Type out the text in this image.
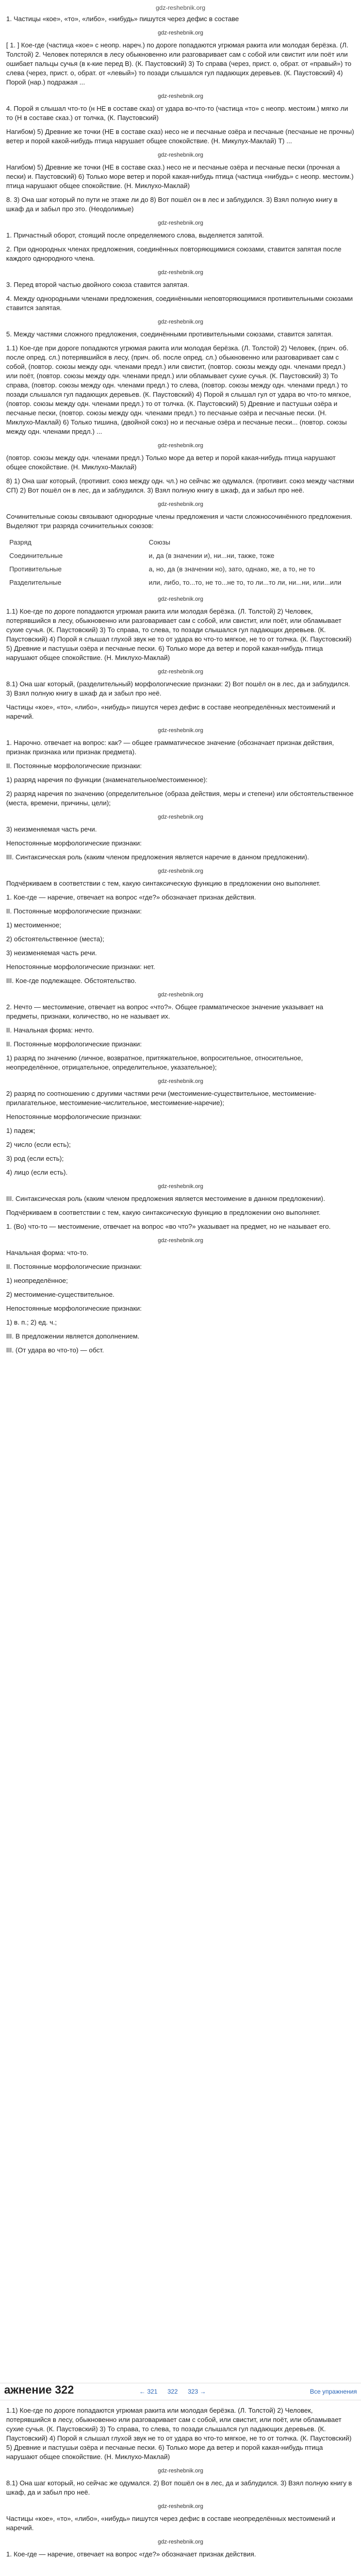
gdz-reshebnik.org

1. Частицы «кое», «то», «либо», «нибудь» пишутся через дефис в составе

gdz-reshebnik.org

[ 1. ] Кое-где (частица «кое» с неопр. нареч.) по дороге попадаются угрюмая ракита или молодая берёзка. (Л. Толстой) 2. Человек потерялся в лесу обыкновенно или разговаривает сам с собой или свистит или поёт или ошибает пальцы сучья (в к-кие перед В). (К. Паустовский) 3) То справа (через, прист. о, обрат. от «правый») то слева (через, прист. о, обрат. от «левый») то позади слышался гул падающих деревьев. (К. Паустовский) 4) Порой (нар.) подражая ...

gdz-reshebnik.org

4. Порой я слышал что-то (н НЕ в составе сказ) от удара во-что-то (частица «то» с неопр. местоим.) мягко ли то (Н в составе сказ.) от толчка, (К. Паустовский)

Нагибом) 5) Древние же точки (НЕ в составе сказ) несо не и песчаные озёра и песчаные (песчаные не прочны) ветер и порой какой-нибудь птица нарушает общее спокойствие. (Н. Микулух-Маклай) Т) ...

gdz-reshebnik.org

Нагибом) 5) Древние же точки (НЕ в составе сказ.) несо не и песчаные озёра и песчаные пески (прочная а пески) и. Паустовский) 6) Только море ветер и порой какая-нибудь птица (частица «нибудь» с неопр. местоим.) птица нарушают общее спокойствие. (Н. Миклухо-Маклай)

8. 3) Она шаг который по пути не этаже ли до 8) Вот пошёл он в лес и заблудился. 3) Взял полную книгу в шкаф да и забыл про это. (Неодолимые)

gdz-reshebnik.org

1. Причастный оборот, стоящий после определяемого слова, выделяется запятой.

2. При однородных членах предложения, соединённых повторяющимися союзами, ставится запятая после каждого однородного члена.

gdz-reshebnik.org

3. Перед второй частью двойного союза ставится запятая.

4. Между однородными членами предложения, соединёнными неповторяющимися противительными союзами ставится запятая.

gdz-reshebnik.org

5. Между частями сложного предложения, соединёнными противительными союзами, ставится запятая.

1.1) Кое-где при дороге попадаются угрюмая ракита или молодая берёзка. (Л. Толстой) 2) Человек, (прич. об. после опред. сл.) потерявшийся в лесу, (прич. об. после опред. сл.) обыкновенно или разговаривает сам с собой, (повтор. союзы между одн. членами предл.) или свистит, (повтор. союзы между одн. членами предл.) или поёт, (повтор. союзы между одн. членами предл.) или обламывает сухие сучья. (К. Паустовский) 3) То справа, (повтор. союзы между одн. членами предл.) то слева, (повтор. союзы между одн. членами предл.) то позади слышался гул падающих деревьев. (К. Паустовский) 4) Порой я слышал гул от удара во что-то мягкое, (повтор. союзы между одн. членами предл.) то от толчка. (К. Паустовский) 5) Древние и пастушьи озёра и песчаные пески, (повтор. союзы между одн. членами предл.) то песчаные озёра и песчаные пески. (Н. Миклухо-Маклай) 6) Только тишина, (двойной союз) но и песчаные озёра и песчаные пески... (повтор. союзы между одн. членами предл.) ...

gdz-reshebnik.org

(повтор. союзы между одн. членами предл.) Только море да ветер и порой какая-нибудь птица нарушают общее спокойствие. (Н. Миклухо-Маклай)

8) 1) Она шаг который, (противит. союз между одн. чл.) но сейчас же одумался. (противит. союз между частями СП) 2) Вот пошёл он в лес, да и заблудился. 3) Взял полную книгу в шкаф, да и забыл про неё.

gdz-reshebnik.org

Сочинительные союзы связывают однородные члены предложения и части сложносочинённого предложения. Выделяют три разряда сочинительных союзов:

Разряд	Союзы
Соединительные	и, да (в значении и), ни...ни, также, тоже
Противительные	а, но, да (в значении но), зато, однако, же, а то, не то
Разделительные	или, либо, то...то, не то...не то, то ли...то ли, ни...ни, или...или
gdz-reshebnik.org

1.1) Кое-где по дороге попадаются угрюмая ракита или молодая берёзка. (Л. Толстой) 2) Человек, потерявшийся в лесу, обыкновенно или разговаривает сам с собой, или свистит, или поёт, или обламывает сухие сучья. (К. Паустовский) 3) То справа, то слева, то позади слышался гул падающих деревьев. (К. Паустовский) 4) Порой я слышал глухой звук не то от удара во что-то мягкое, не то от толчка. (К. Паустовский) 5) Древние и пастушьи озёра и песчаные пески. 6) Только море да ветер и порой какая-нибудь птица нарушают общее спокойствие. (Н. Миклухо-Маклай)

gdz-reshebnik.org

8.1) Она шаг который, (разделительный) морфологические признаки: 2) Вот пошёл он в лес, да и заблудился. 3) Взял полную книгу в шкаф да и забыл про неё.

Частицы «кое», «то», «либо», «нибудь» пишутся через дефис в составе неопределённых местоимений и наречий.

gdz-reshebnik.org

1. Нарочно. отвечает на вопрос: как? — общее грамматическое значение (обозначает признак действия, признак признака или признак предмета).

II. Постоянные морфологические признаки:

1) разряд наречия по функции (знаменательное/местоименное):

2) разряд наречия по значению (определительное (образа действия, меры и степени) или обстоятельственное (места, времени, причины, цели);

gdz-reshebnik.org

3) неизменяемая часть речи.

Непостоянные морфологические признаки:

III. Синтаксическая роль (каким членом предложения является наречие в данном предложении).

gdz-reshebnik.org

Подчёркиваем в соответствии с тем, какую синтаксическую функцию в предложении оно выполняет.

1. Кое-где — наречие, отвечает на вопрос «где?» обозначает признак действия.

II. Постоянные морфологические признаки:

1) местоименное;

2) обстоятельственное (места);

3) неизменяемая часть речи.

Непостоянные морфологические признаки: нет.

III. Кое-где подлежащее. Обстоятельство.

gdz-reshebnik.org

2. Нечто — местоимение, отвечает на вопрос «что?». Общее грамматическое значение указывает на предметы, признаки, количество, но не называет их.

II. Начальная форма: нечто.

II. Постоянные морфологические признаки:

1) разряд по значению (личное, возвратное, притяжательное, вопросительное, относительное, неопределённое, отрицательное, определительное, указательное);

gdz-reshebnik.org

2) разряд по соотношению с другими частями речи (местоимение-существительное, местоимение-прилагательное, местоимение-числительное, местоимение-наречие);

Непостоянные морфологические признаки:

1) падеж;

2) число (если есть);

3) род (если есть);

4) лицо (если есть).

gdz-reshebnik.org

III. Синтаксическая роль (каким членом предложения является местоимение в данном предложении).

Подчёркиваем в соответствии с тем, какую синтаксическую функцию в предложении оно выполняет.

1. (Во) что-то — местоимение, отвечает на вопрос «во что?» указывает на предмет, но не называет его.

gdz-reshebnik.org

Начальная форма: что-то.

II. Постоянные морфологические признаки:

1) неопределённое;

2) местоимение-существительное.

Непостоянные морфологические признаки:

1) в. п.; 2) ед. ч.;

III. В предложении является дополнением.

III. (От удара во что-то) — обст.

ажнение 322	← 321 322 323 →	Все упражнения

1.1) Кое-где по дороге попадаются угрюмая ракита или молодая берёзка. (Л. Толстой) 2) Человек, потерявшийся в лесу, обыкновенно или разговаривает сам с собой, или свистит, или поёт, или обламывает сухие сучья. (К. Паустовский) 3) То справа, то слева, то позади слышался гул падающих деревьев. (К. Паустовский) 4) Порой я слышал глухой звук не то от удара во что-то мягкое, не то от толчка. (К. Паустовский) 5) Древние и пастушьи озёра и песчаные пески. 6) Только море да ветер и порой какая-нибудь птица нарушают общее спокойствие. (Н. Миклухо-Маклай)

gdz-reshebnik.org

8.1) Она шаг который, но сейчас же одумался. 2) Вот пошёл он в лес, да и заблудился. 3) Взял полную книгу в шкаф, да и забыл про неё.

gdz-reshebnik.org

Частицы «кое», «то», «либо», «нибудь» пишутся через дефис в составе неопределённых местоимений и наречий.

gdz-reshebnik.org

1. Кое-где — наречие, отвечает на вопрос «где?» обозначает признак действия.
